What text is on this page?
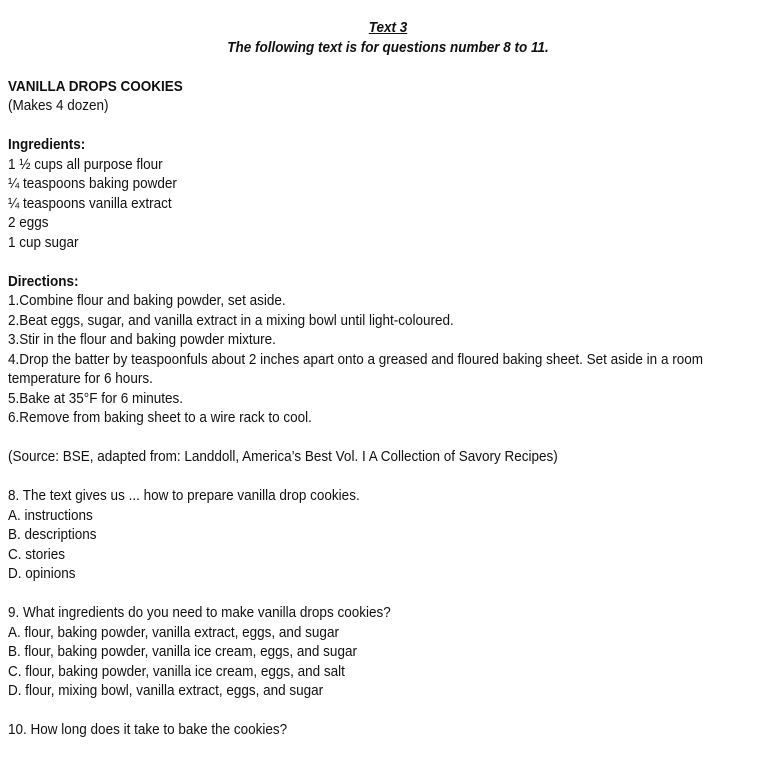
Text 3
The following text is for questions number 8 to 11.
VANILLA DROPS COOKIES
(Makes 4 dozen)
Ingredients:
1 ½ cups all purpose flour
¼ teaspoons baking powder
¼ teaspoons vanilla extract
2 eggs
1 cup sugar
Directions:
1.Combine flour and baking powder, set aside.
2.Beat eggs, sugar, and vanilla extract in a mixing bowl until light-coloured.
3.Stir in the flour and baking powder mixture.
4.Drop the batter by teaspoonfuls about 2 inches apart onto a greased and floured baking sheet. Set aside in a room temperature for 6 hours.
5.Bake at 35°F for 6 minutes.
6.Remove from baking sheet to a wire rack to cool.
(Source: BSE, adapted from: Landdoll, America’s Best Vol. I A Collection of Savory Recipes)
8. The text gives us ... how to prepare vanilla drop cookies.
A. instructions
B. descriptions
C. stories
D. opinions
9. What ingredients do you need to make vanilla drops cookies?
A. flour, baking powder, vanilla extract, eggs, and sugar
B. flour, baking powder, vanilla ice cream, eggs, and sugar
C. flour, baking powder, vanilla ice cream, eggs, and salt
D. flour, mixing bowl, vanilla extract, eggs, and sugar
10. How long does it take to bake the cookies?
